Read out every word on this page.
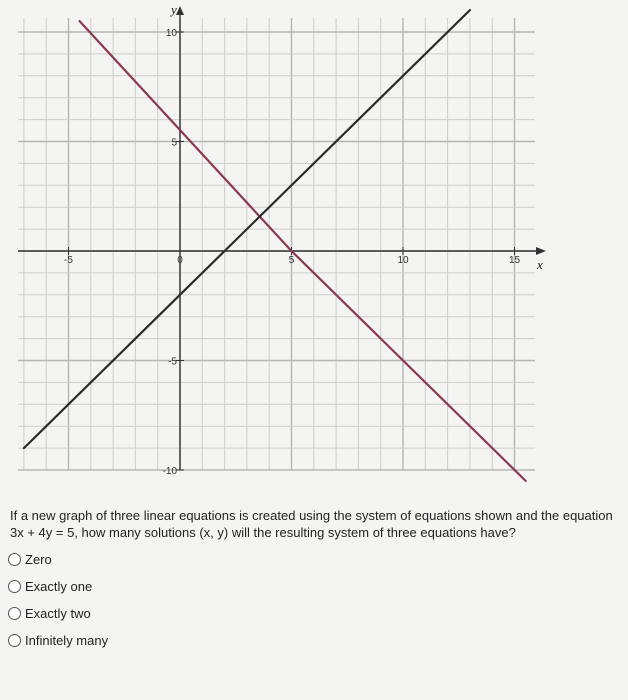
x
y
-5	0	5	10	15
10
5
-5
-10
If a new graph of three linear equations is created using the system of equations shown and the equation 3x + 4y = 5, how many solutions (x, y) will the resulting system of three equations have?
Zero
Exactly one
Exactly two
Infinitely many
